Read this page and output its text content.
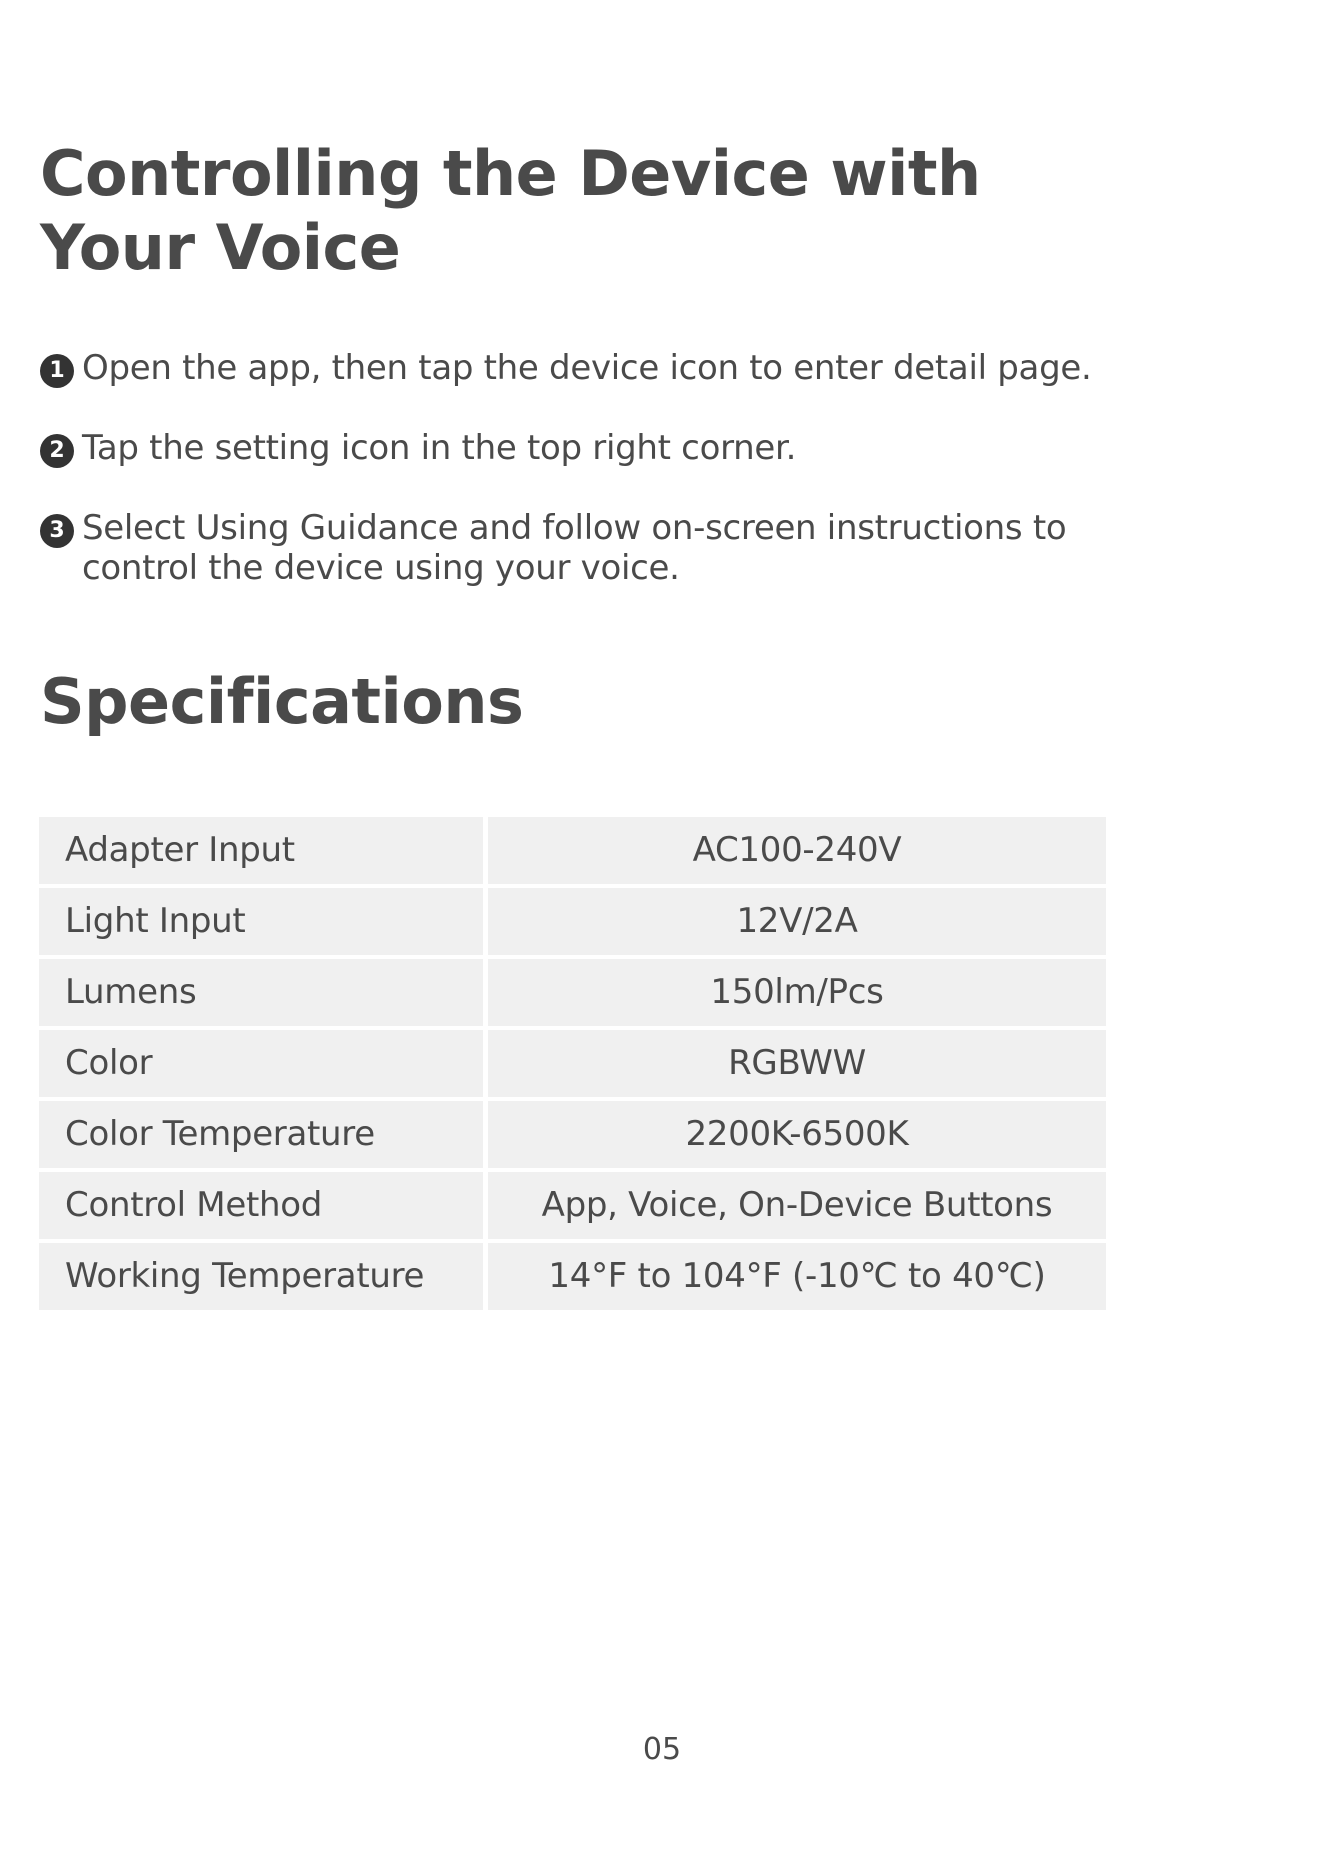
Controlling the Device with Your Voice
1 Open the app, then tap the device icon to enter detail page.
2 Tap the setting icon in the top right corner.
3 Select Using Guidance and follow on-screen instructions to control the device using your voice.
Specifications
Adapter Input	AC100-240V
Light Input	12V/2A
Lumens	150lm/Pcs
Color	RGBWW
Color Temperature	2200K-6500K
Control Method	App, Voice, On-Device Buttons
Working Temperature	14°F to 104°F (-10℃ to 40℃)
05
